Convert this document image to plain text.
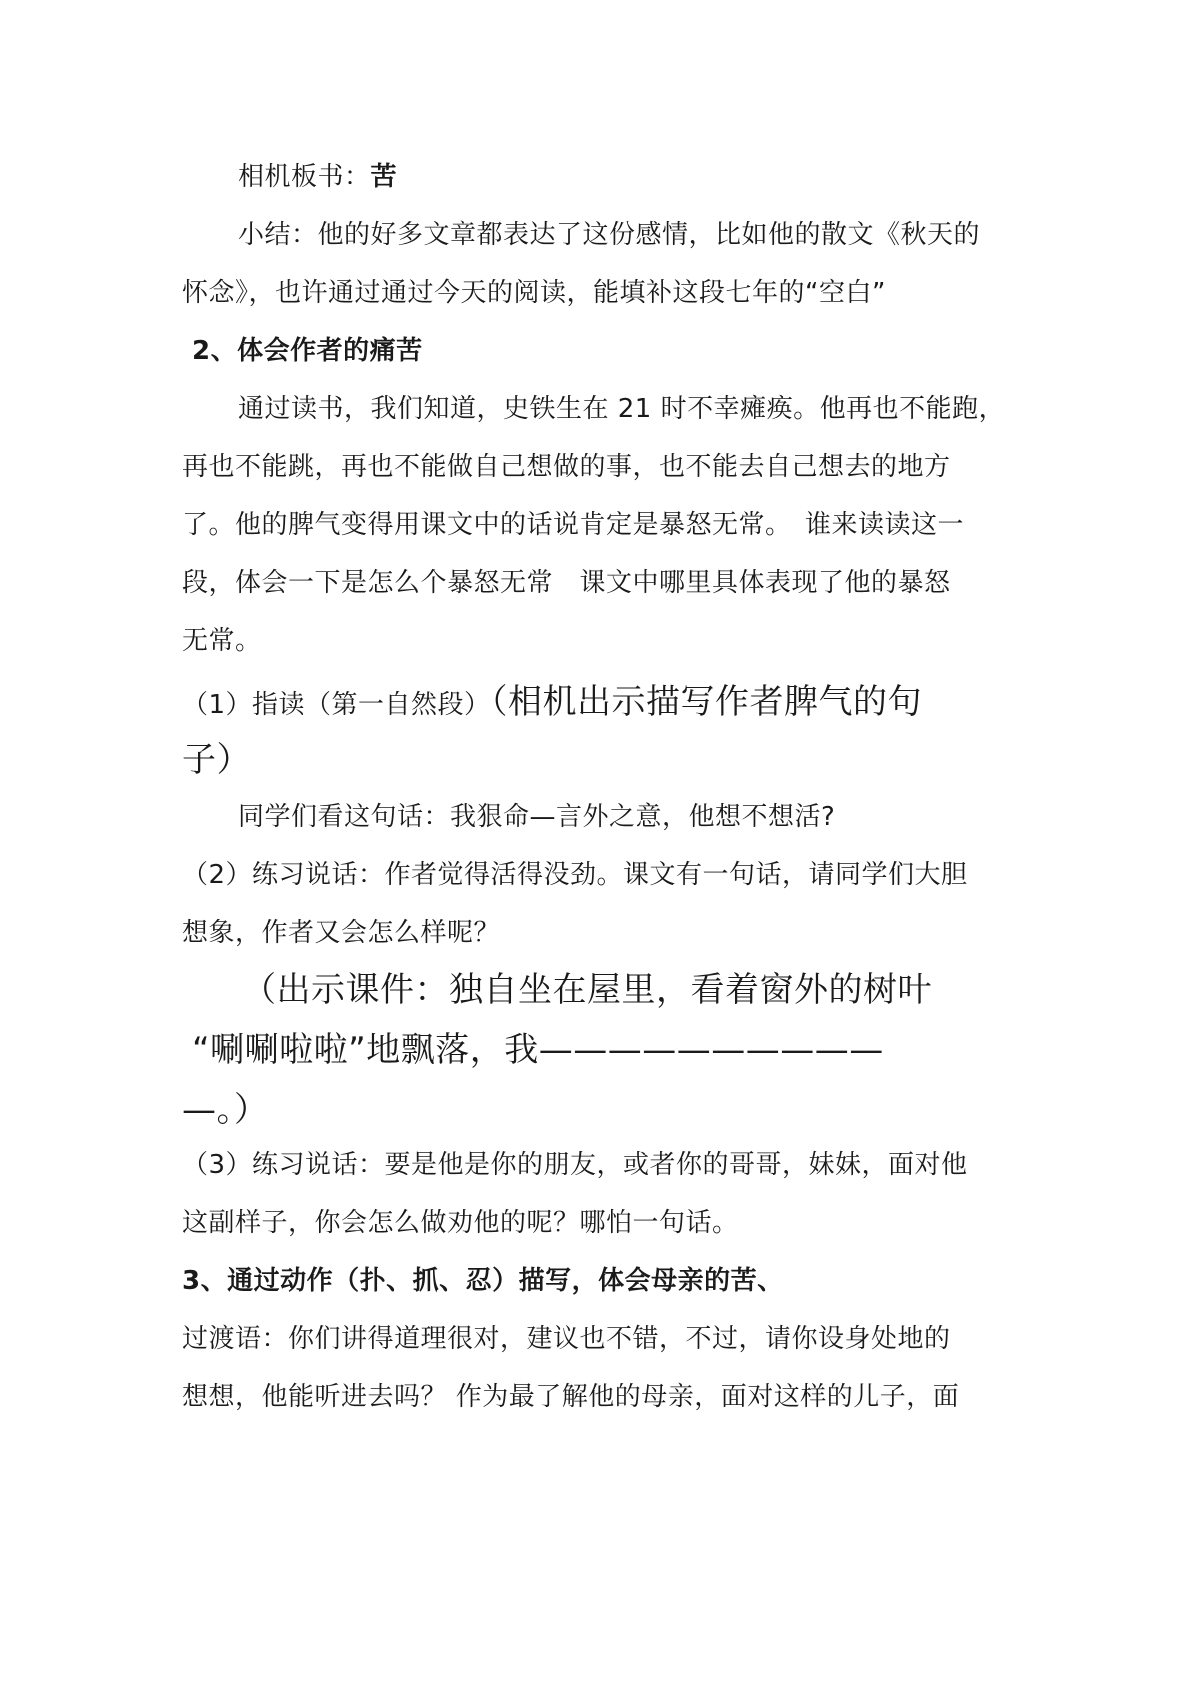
相机板书：苦
小结：他的好多文章都表达了这份感情，比如他的散文《秋天的
怀念》，也许通过通过今天的阅读，能填补这段七年的“空白”
2、体会作者的痛苦
通过读书，我们知道，史铁生在 21 时不幸瘫痪。他再也不能跑，
再也不能跳，再也不能做自己想做的事，也不能去自己想去的地方
了。他的脾气变得用课文中的话说肯定是暴怒无常。　谁来读读这一
段，体会一下是怎么个暴怒无常　课文中哪里具体表现了他的暴怒
无常。
（1）指读（第一自然段）（相机出示描写作者脾气的句
子）
同学们看这句话：我狠命—言外之意，他想不想活?
（2）练习说话：作者觉得活得没劲。课文有一句话，请同学们大胆
想象，作者又会怎么样呢？
（出示课件：独自坐在屋里，看着窗外的树叶
“唰唰啦啦”地飘落，我——————————
—。）
（3）练习说话：要是他是你的朋友，或者你的哥哥，妹妹，面对他
这副样子，你会怎么做劝他的呢？哪怕一句话。
3、通过动作（扑、抓、忍）描写，体会母亲的苦、
过渡语：你们讲得道理很对，建议也不错，不过，请你设身处地的
想想，他能听进去吗？ 作为最了解他的母亲，面对这样的儿子，面
